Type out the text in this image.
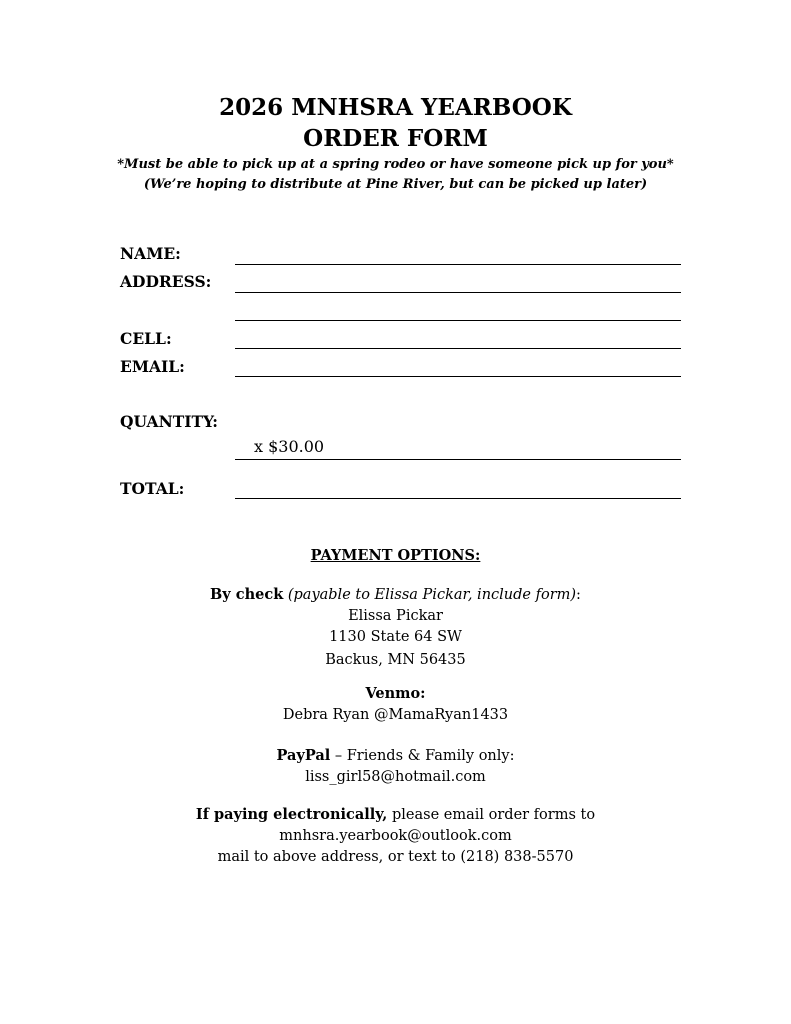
2026 MNHSRA YEARBOOK
ORDER FORM
*Must be able to pick up at a spring rodeo or have someone pick up for you*
(We’re hoping to distribute at Pine River, but can be picked up later)
NAME:
ADDRESS:
CELL:
EMAIL:
QUANTITY:
x $30.00
TOTAL:
PAYMENT OPTIONS:
By check (payable to Elissa Pickar, include form):
Elissa Pickar
1130 State 64 SW
Backus, MN 56435
Venmo:
Debra Ryan @MamaRyan1433
PayPal – Friends & Family only:
liss_girl58@hotmail.com
If paying electronically, please email order forms to
mnhsra.yearbook@outlook.com
mail to above address, or text to (218) 838-5570
